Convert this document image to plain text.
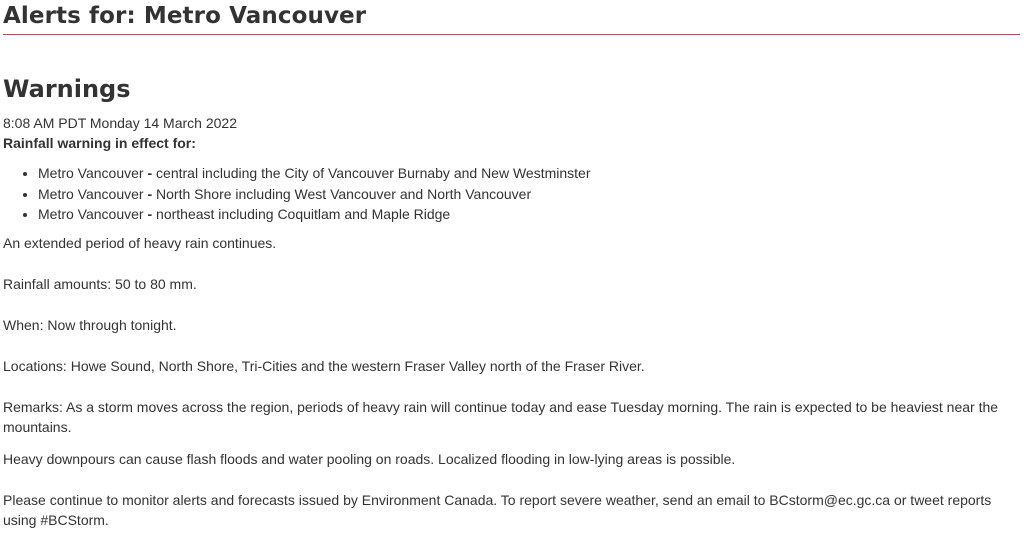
Alerts for: Metro Vancouver
Warnings

8:08 AM PDT Monday 14 March 2022

Rainfall warning in effect for:

• Metro Vancouver - central including the City of Vancouver Burnaby and New Westminster
• Metro Vancouver - North Shore including West Vancouver and North Vancouver
• Metro Vancouver - northeast including Coquitlam and Maple Ridge

An extended period of heavy rain continues.

Rainfall amounts: 50 to 80 mm.

When: Now through tonight.

Locations: Howe Sound, North Shore, Tri-Cities and the western Fraser Valley north of the Fraser River.

Remarks: As a storm moves across the region, periods of heavy rain will continue today and ease Tuesday morning. The rain is expected to be heaviest near the mountains.

Heavy downpours can cause flash floods and water pooling on roads. Localized flooding in low-lying areas is possible.

Please continue to monitor alerts and forecasts issued by Environment Canada. To report severe weather, send an email to BCstorm@ec.gc.ca or tweet reports using #BCStorm.
